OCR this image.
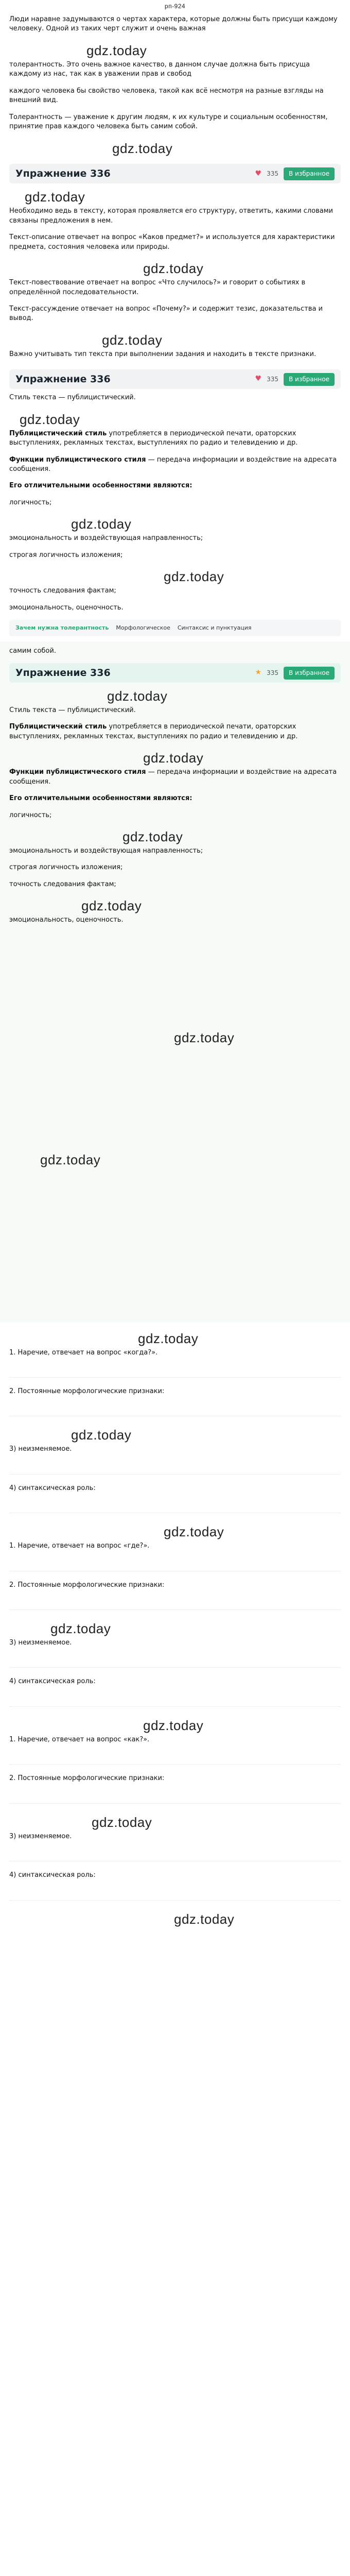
рп-924
Люди наравне задумываются о чертах характера, которые должны быть присущи каждому человеку. Одной из таких черт служит и очень важная
gdz.today
толерантность. Это очень важное качество, в данном случае должна быть присуща каждому из нас, так как в уважении прав и свобод
каждого человека бы свойство человека, такой как всё несмотря на разные взгляды на внешний вид.
Толерантность — уважение к другим людям, к их культуре и социальным особенностям, принятие прав каждого человека быть самим собой.
gdz.today
Упражнение 336	♥ 335	В избранное
gdz.today
Необходимо ведь в тексту, которая проявляется его структуру, ответить, какими словами связаны предложения в нем.
Текст-описание отвечает на вопрос «Каков предмет?» и используется для характеристики предмета, состояния человека или природы.
gdz.today
Текст-повествование отвечает на вопрос «Что случилось?» и говорит о событиях в определённой последовательности.
Текст-рассуждение отвечает на вопрос «Почему?» и содержит тезис, доказательства и вывод.
gdz.today
Важно учитывать тип текста при выполнении задания и находить в тексте признаки.
Упражнение 336	♥ 335	В избранное
Стиль текста — публицистический.
gdz.today
Публицистический стиль употребляется в периодической печати, ораторских выступлениях, рекламных текстах, выступлениях по радио и телевидению и др.
Функции публицистического стиля — передача информации и воздействие на адресата сообщения.
Его отличительными особенностями являются:
логичность;
gdz.today
эмоциональность и воздействующая направленность;
строгая логичность изложения;
gdz.today
точность следования фактам;
эмоциональность, оценочность.
Зачем нужна толерантность Морфологическое Синтаксис и пунктуация
самим собой.
Упражнение 336	★ 335	В избранное
gdz.today
Стиль текста — публицистический.
Публицистический стиль употребляется в периодической печати, ораторских выступлениях, рекламных текстах, выступлениях по радио и телевидению и др.
gdz.today
Функции публицистического стиля — передача информации и воздействие на адресата сообщения.
Его отличительными особенностями являются:
логичность;
gdz.today
эмоциональность и воздействующая направленность;
строгая логичность изложения;
точность следования фактам;
gdz.today
эмоциональность, оценочность.
gdz.today
gdz.today
gdz.today
1. Наречие, отвечает на вопрос «когда?».
2. Постоянные морфологические признаки:
gdz.today
3) неизменяемое.
4) синтаксическая роль:
gdz.today
1. Наречие, отвечает на вопрос «где?».
2. Постоянные морфологические признаки:
gdz.today
3) неизменяемое.
4) синтаксическая роль:
gdz.today
1. Наречие, отвечает на вопрос «как?».
2. Постоянные морфологические признаки:
gdz.today
3) неизменяемое.
4) синтаксическая роль:
gdz.today
